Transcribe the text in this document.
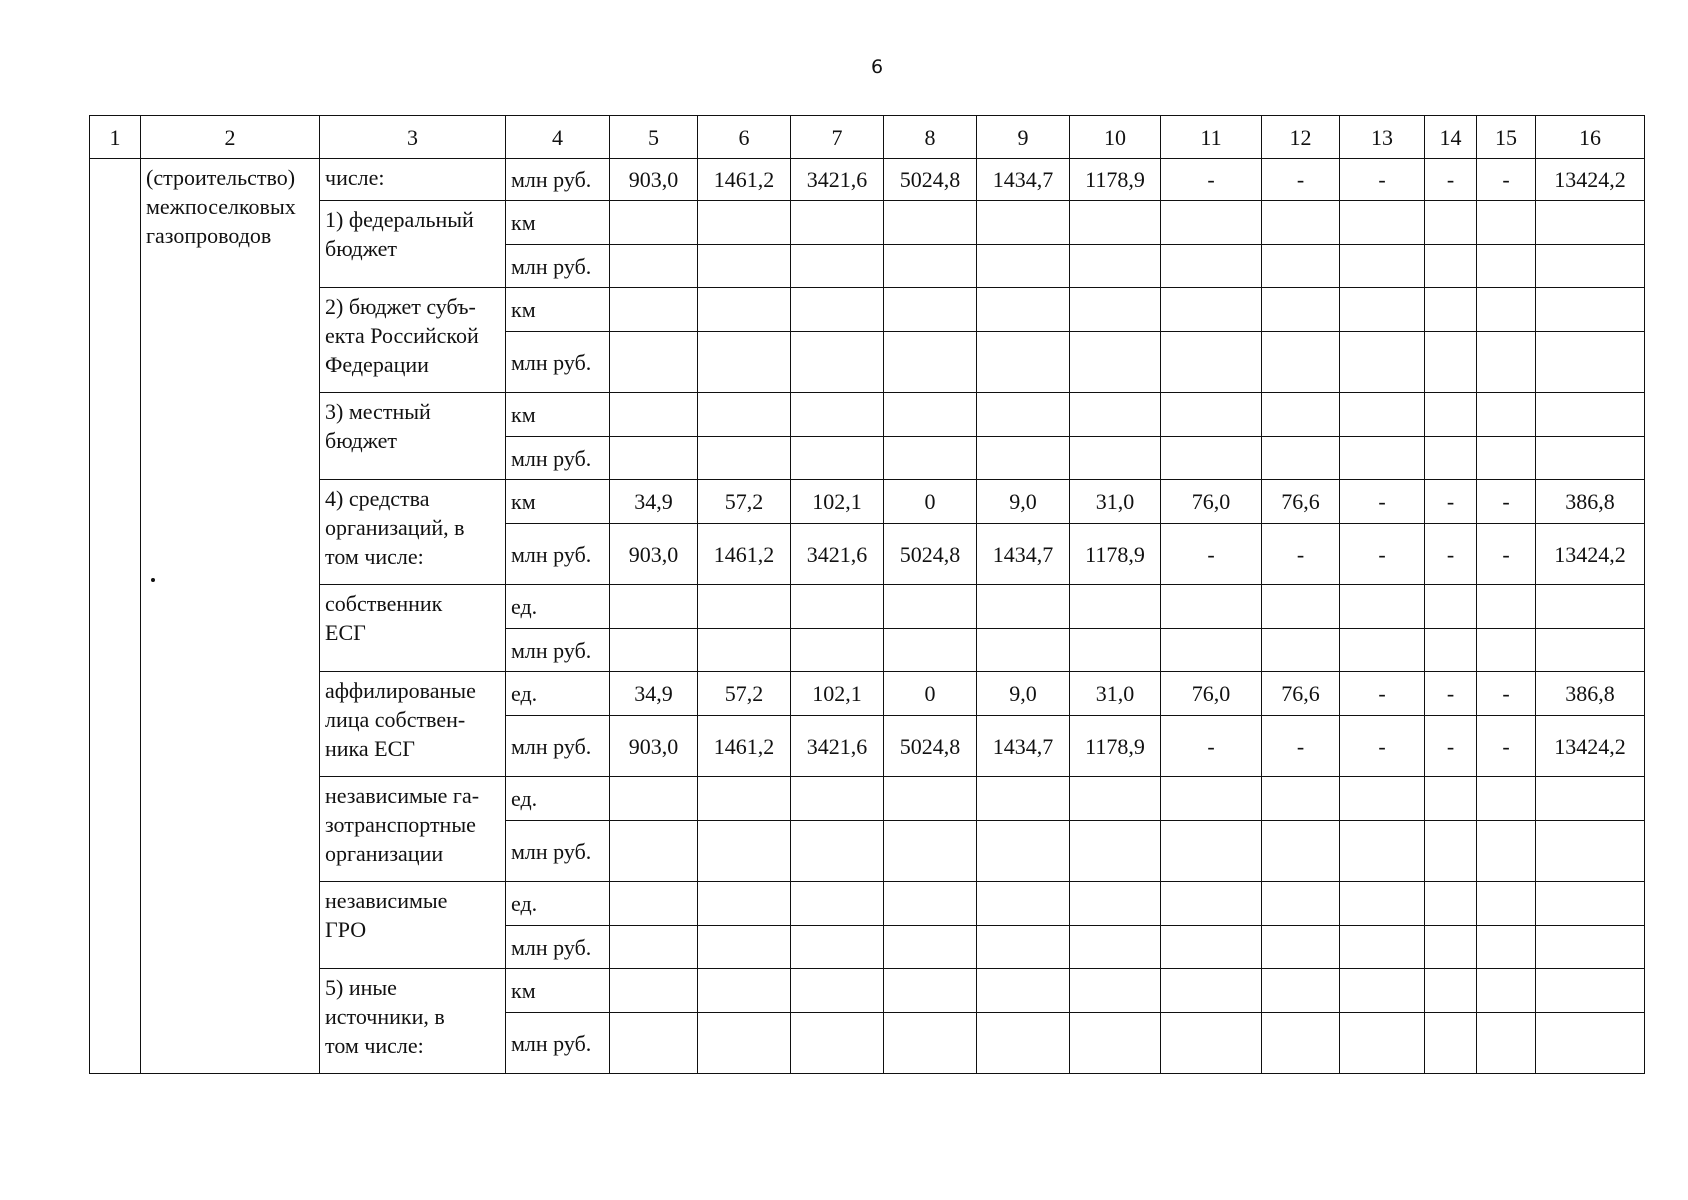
6
1	2	3	4	5	6	7	8	9	10	11	12	13	14	15	16
	(строительство)
межпоселковых
газопроводов	числе:	млн руб.	903,0	1461,2	3421,6	5024,8	1434,7	1178,9	-	-	-	-	-	13424,2
		1) федеральный
бюджет	км												
			млн руб.												
		2) бюджет субъ-
екта Российской
Федерации	км												
			млн руб.												
		3) местный
бюджет	км												
			млн руб.												
		4) средства
организаций, в
том числе:	км	34,9	57,2	102,1	0	9,0	31,0	76,0	76,6	-	-	-	386,8
			млн руб.	903,0	1461,2	3421,6	5024,8	1434,7	1178,9	-	-	-	-	-	13424,2
		собственник
ЕСГ	ед.												
			млн руб.												
		аффилированые
лица собствен-
ника ЕСГ	ед.	34,9	57,2	102,1	0	9,0	31,0	76,0	76,6	-	-	-	386,8
			млн руб.	903,0	1461,2	3421,6	5024,8	1434,7	1178,9	-	-	-	-	-	13424,2
		независимые га-
зотранспортные
организации	ед.												
			млн руб.												
		независимые
ГРО	ед.												
			млн руб.												
		5) иные
источники, в
том числе:	км												
			млн руб.												
